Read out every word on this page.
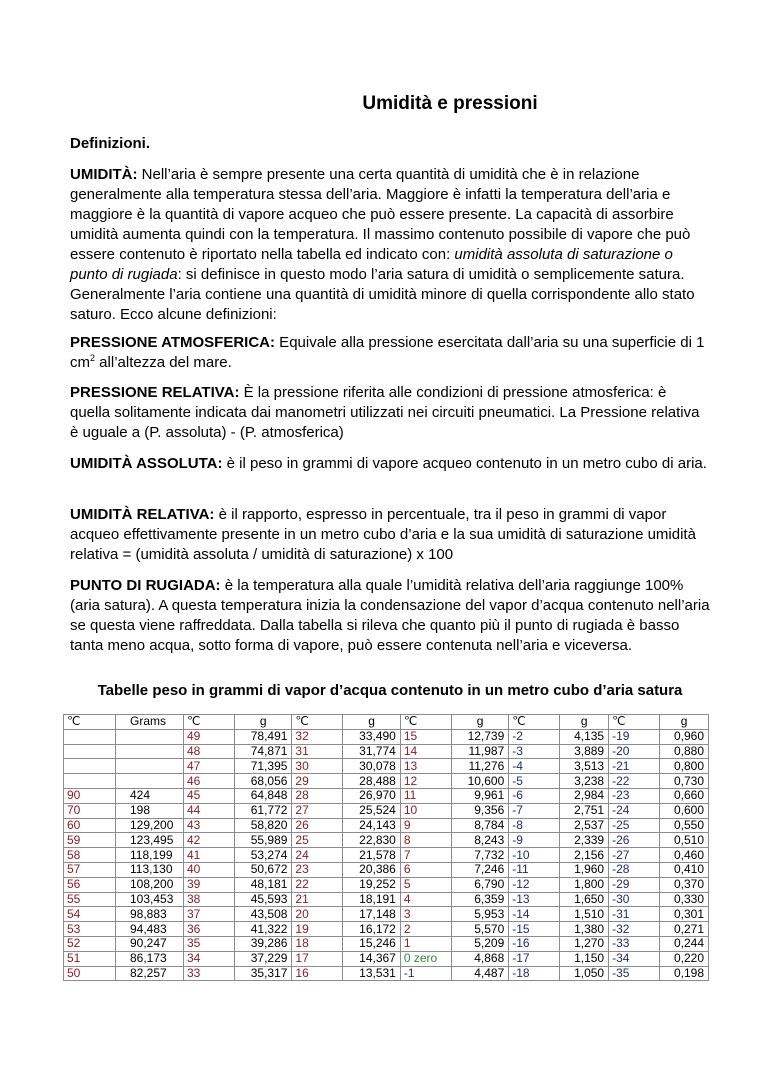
Umidità e pressioni
Definizioni.

UMIDITÀ: Nell’aria è sempre presente una certa quantità di umidità che è in relazione generalmente alla temperatura stessa dell’aria. Maggiore è infatti la temperatura dell’aria e maggiore è la quantità di vapore acqueo che può essere presente. La capacità di assorbire umidità aumenta quindi con la temperatura. Il massimo contenuto possibile di vapore che può essere contenuto è riportato nella tabella ed indicato con: umidità assoluta di saturazione o punto di rugiada: si definisce in questo modo l’aria satura di umidità o semplicemente satura. Generalmente l’aria contiene una quantità di umidità minore di quella corrispondente allo stato saturo. Ecco alcune definizioni:

PRESSIONE ATMOSFERICA: Equivale alla pressione esercitata dall’aria su una superficie di 1 $cm^2$ all’altezza del mare.

PRESSIONE RELATIVA: È la pressione riferita alle condizioni di pressione atmosferica: è quella solitamente indicata dai manometri utilizzati nei circuiti pneumatici. La Pressione relativa è uguale a (P. assoluta) - (P. atmosferica)

UMIDITÀ ASSOLUTA: è il peso in grammi di vapore acqueo contenuto in un metro cubo di aria.

UMIDITÀ RELATIVA: è il rapporto, espresso in percentuale, tra il peso in grammi di vapor acqueo effettivamente presente in un metro cubo d’aria e la sua umidità di saturazione umidità relativa = (umidità assoluta / umidità di saturazione) x 100

PUNTO DI RUGIADA: è la temperatura alla quale l’umidità relativa dell’aria raggiunge 100% (aria satura). A questa temperatura inizia la condensazione del vapor d’acqua contenuto nell’aria se questa viene raffreddata. Dalla tabella si rileva che quanto più il punto di rugiada è basso tanta meno acqua, sotto forma di vapore, può essere contenuta nell’aria e viceversa.

Tabelle peso in grammi di vapor d’acqua contenuto in un metro cubo d’aria satura
℃	Grams	℃	g	℃	g	℃	g	℃	g	℃	g
		49	78,491	32	33,490	15	12,739	-2	4,135	-19	0,960
		48	74,871	31	31,774	14	11,987	-3	3,889	-20	0,880
		47	71,395	30	30,078	13	11,276	-4	3,513	-21	0,800
		46	68,056	29	28,488	12	10,600	-5	3,238	-22	0,730
90	424	45	64,848	28	26,970	11	9,961	-6	2,984	-23	0,660
70	198	44	61,772	27	25,524	10	9,356	-7	2,751	-24	0,600
60	129,200	43	58,820	26	24,143	9	8,784	-8	2,537	-25	0,550
59	123,495	42	55,989	25	22,830	8	8,243	-9	2,339	-26	0,510
58	118,199	41	53,274	24	21,578	7	7,732	-10	2,156	-27	0,460
57	113,130	40	50,672	23	20,386	6	7,246	-11	1,960	-28	0,410
56	108,200	39	48,181	22	19,252	5	6,790	-12	1,800	-29	0,370
55	103,453	38	45,593	21	18,191	4	6,359	-13	1,650	-30	0,330
54	98,883	37	43,508	20	17,148	3	5,953	-14	1,510	-31	0,301
53	94,483	36	41,322	19	16,172	2	5,570	-15	1,380	-32	0,271
52	90,247	35	39,286	18	15,246	1	5,209	-16	1,270	-33	0,244
51	86,173	34	37,229	17	14,367	0 zero	4,868	-17	1,150	-34	0,220
50	82,257	33	35,317	16	13,531	-1	4,487	-18	1,050	-35	0,198
